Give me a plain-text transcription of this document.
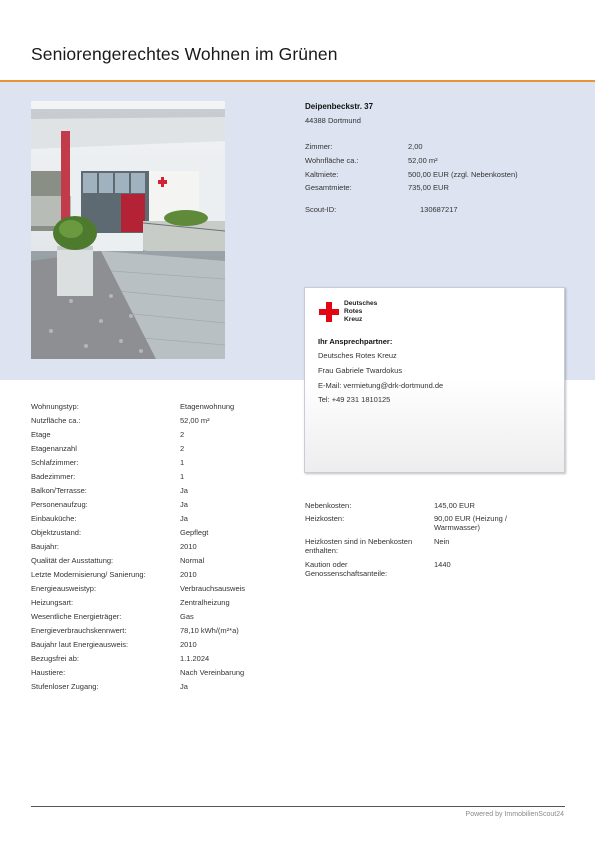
Seniorengerechtes Wohnen im Grünen
Deipenbeckstr. 37
44388 Dortmund
Zimmer:	2,00
Wohnfläche ca.:	52,00 m²
Kaltmiete:	500,00 EUR (zzgl. Nebenkosten)
Gesamtmiete:	735,00 EUR
Scout-ID:	130687217
Deutsches
Rotes
Kreuz
Ihr Ansprechpartner:
Deutsches Rotes Kreuz
Frau Gabriele Twardokus
E-Mail: vermietung@drk-dortmund.de
Tel: +49 231 1810125
Wohnungstyp:	Etagenwohnung
Nutzfläche ca.:	52,00 m²
Etage	2
Etagenanzahl	2
Schlafzimmer:	1
Badezimmer:	1
Balkon/Terrasse:	Ja
Personenaufzug:	Ja
Einbauküche:	Ja
Objektzustand:	Gepflegt
Baujahr:	2010
Qualität der Ausstattung:	Normal
Letzte Modernisierung/ Sanierung:	2010
Energieausweistyp:	Verbrauchsausweis
Heizungsart:	Zentralheizung
Wesentliche Energieträger:	Gas
Energieverbrauchskennwert:	78,10 kWh/(m²*a)
Baujahr laut Energieausweis:	2010
Bezugsfrei ab:	1.1.2024
Haustiere:	Nach Vereinbarung
Stufenloser Zugang:	Ja
Nebenkosten:	145,00 EUR
Heizkosten:	90,00 EUR (Heizung / Warmwasser)
Heizkosten sind in Nebenkosten enthalten:
Nein
Kaution oder Genossenschaftsanteile:
1440
Powered by ImmobilienScout24
